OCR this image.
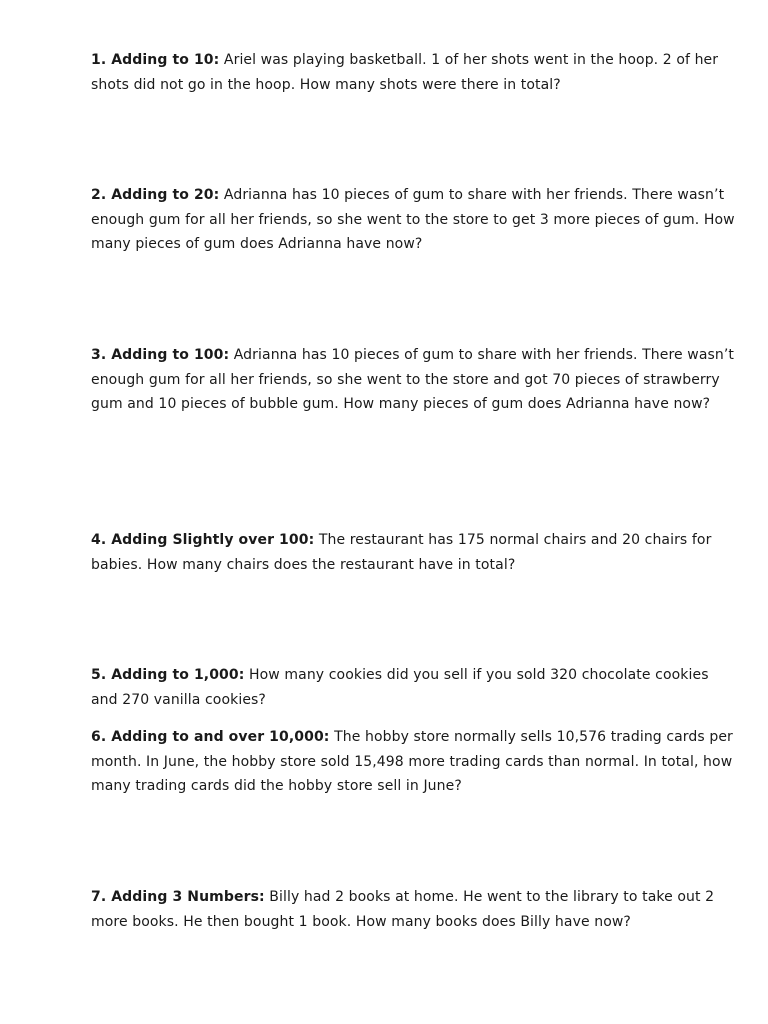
1. Adding to 10: Ariel was playing basketball. 1 of her shots went in the hoop. 2 of her shots did not go in the hoop. How many shots were there in total?

2. Adding to 20: Adrianna has 10 pieces of gum to share with her friends. There wasn’t enough gum for all her friends, so she went to the store to get 3 more pieces of gum. How many pieces of gum does Adrianna have now?

3. Adding to 100: Adrianna has 10 pieces of gum to share with her friends. There wasn’t enough gum for all her friends, so she went to the store and got 70 pieces of strawberry gum and 10 pieces of bubble gum. How many pieces of gum does Adrianna have now?

4. Adding Slightly over 100: The restaurant has 175 normal chairs and 20 chairs for babies. How many chairs does the restaurant have in total?

5. Adding to 1,000: How many cookies did you sell if you sold 320 chocolate cookies and 270 vanilla cookies?

6. Adding to and over 10,000: The hobby store normally sells 10,576 trading cards per month. In June, the hobby store sold 15,498 more trading cards than normal. In total, how many trading cards did the hobby store sell in June?

7. Adding 3 Numbers: Billy had 2 books at home. He went to the library to take out 2 more books. He then bought 1 book. How many books does Billy have now?
